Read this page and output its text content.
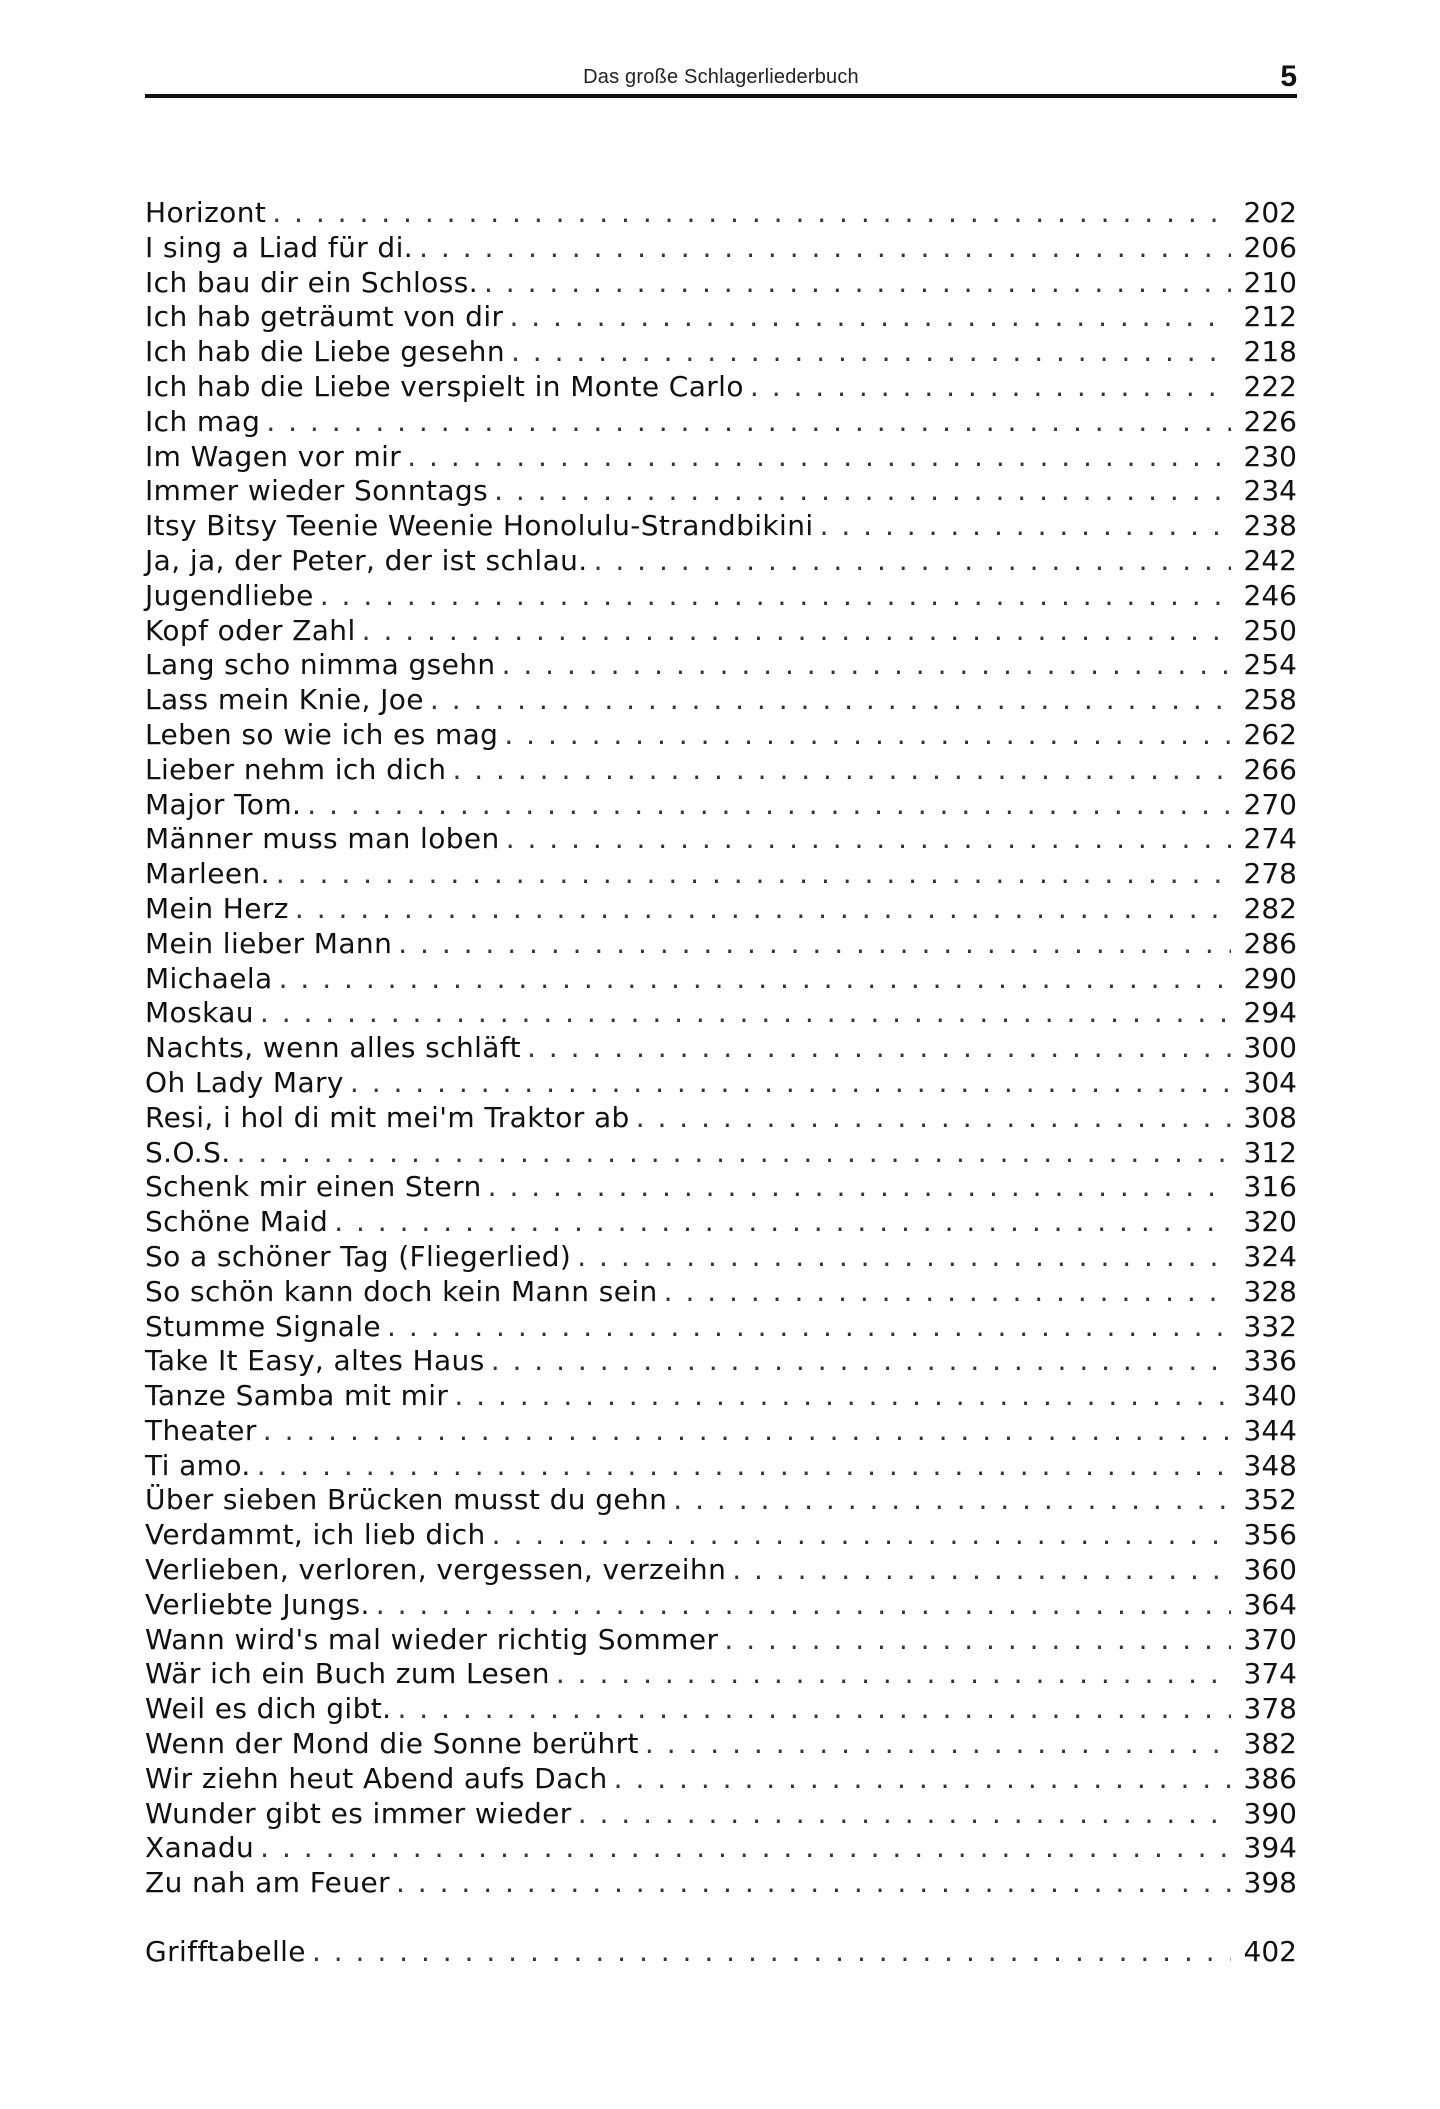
Das große Schlagerliederbuch	5
Horizont . . .	202
I sing a Liad für di. . . .	206
Ich bau dir ein Schloss. . . .	210
Ich hab geträumt von dir . . .	212
Ich hab die Liebe gesehn . . .	218
Ich hab die Liebe verspielt in Monte Carlo . . .	222
Ich mag . . .	226
Im Wagen vor mir . . .	230
Immer wieder Sonntags . . .	234
Itsy Bitsy Teenie Weenie Honolulu-Strandbikini . . .	238
Ja, ja, der Peter, der ist schlau. . . .	242
Jugendliebe . . .	246
Kopf oder Zahl . . .	250
Lang scho nimma gsehn . . .	254
Lass mein Knie, Joe . . .	258
Leben so wie ich es mag . . .	262
Lieber nehm ich dich . . .	266
Major Tom. . . .	270
Männer muss man loben . . .	274
Marleen. . . .	278
Mein Herz . . .	282
Mein lieber Mann . . .	286
Michaela . . .	290
Moskau . . .	294
Nachts, wenn alles schläft . . .	300
Oh Lady Mary . . .	304
Resi, i hol di mit mei'm Traktor ab . . .	308
S.O.S. . . .	312
Schenk mir einen Stern . . .	316
Schöne Maid . . .	320
So a schöner Tag (Fliegerlied) . . .	324
So schön kann doch kein Mann sein . . .	328
Stumme Signale . . .	332
Take It Easy, altes Haus . . .	336
Tanze Samba mit mir . . .	340
Theater . . .	344
Ti amo. . . .	348
Über sieben Brücken musst du gehn . . .	352
Verdammt, ich lieb dich . . .	356
Verlieben, verloren, vergessen, verzeihn . . .	360
Verliebte Jungs. . . .	364
Wann wird's mal wieder richtig Sommer . . .	370
Wär ich ein Buch zum Lesen . . .	374
Weil es dich gibt. . . .	378
Wenn der Mond die Sonne berührt . . .	382
Wir ziehn heut Abend aufs Dach . . .	386
Wunder gibt es immer wieder . . .	390
Xanadu . . .	394
Zu nah am Feuer . . .	398
Grifftabelle . . .	402
